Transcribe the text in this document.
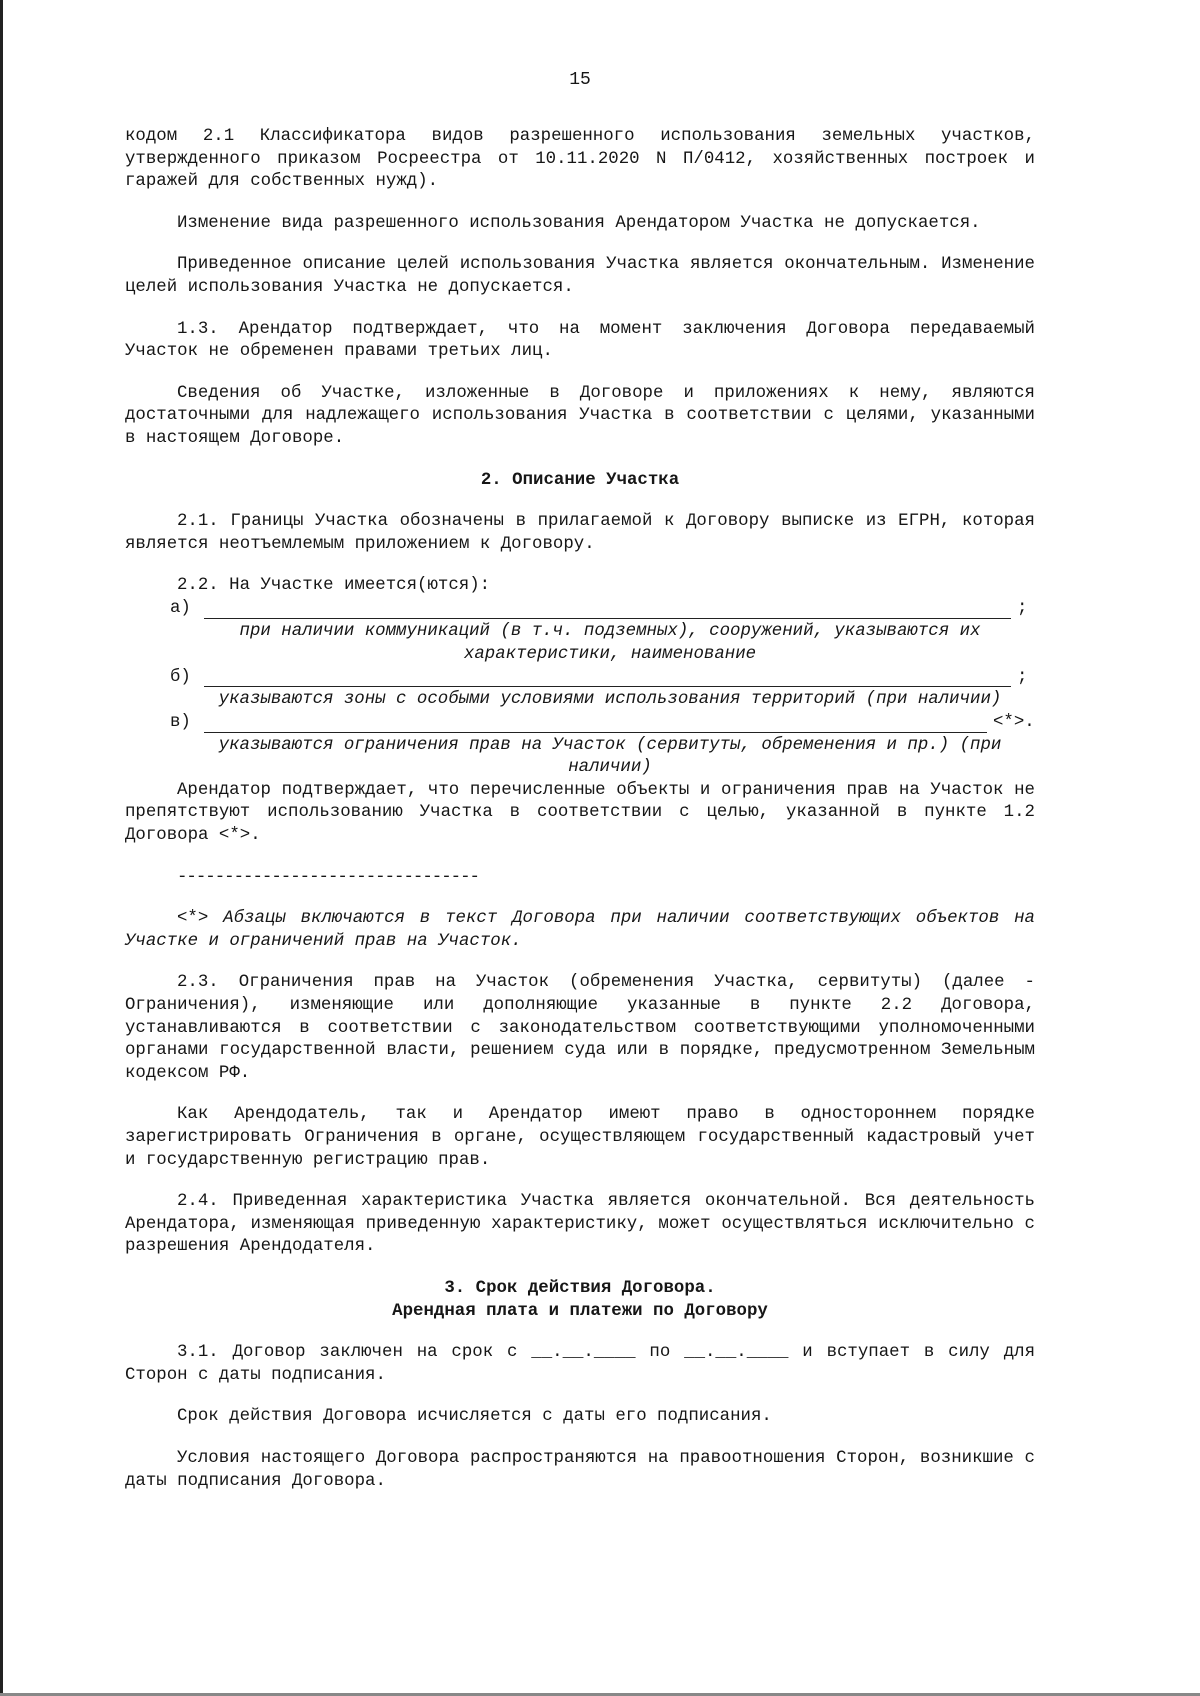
15

кодом 2.1 Классификатора видов разрешенного использования земельных участков, утвержденного приказом Росреестра от 10.11.2020 N П/0412, хозяйственных построек и гаражей для собственных нужд).

Изменение вида разрешенного использования Арендатором Участка не допускается.

Приведенное описание целей использования Участка является окончательным. Изменение целей использования Участка не допускается.

1.3. Арендатор подтверждает, что на момент заключения Договора передаваемый Участок не обременен правами третьих лиц.

Сведения об Участке, изложенные в Договоре и приложениях к нему, являются достаточными для надлежащего использования Участка в соответствии с целями, указанными в настоящем Договоре.

2. Описание Участка

2.1. Границы Участка обозначены в прилагаемой к Договору выписке из ЕГРН, которая является неотъемлемым приложением к Договору.

2.2. На Участке имеется(ются):

а)	;

при наличии коммуникаций (в т.ч. подземных), сооружений, указываются их характеристики, наименование

б)	;

указываются зоны с особыми условиями использования территорий (при наличии)

в)	<*>.

указываются ограничения прав на Участок (сервитуты, обременения и пр.) (при наличии)

Арендатор подтверждает, что перечисленные объекты и ограничения прав на Участок не препятствуют использованию Участка в соответствии с целью, указанной в пункте 1.2 Договора <*>.

--------------------------------

<*> Абзацы включаются в текст Договора при наличии соответствующих объектов на Участке и ограничений прав на Участок.

2.3. Ограничения прав на Участок (обременения Участка, сервитуты) (далее - Ограничения), изменяющие или дополняющие указанные в пункте 2.2 Договора, устанавливаются в соответствии с законодательством соответствующими уполномоченными органами государственной власти, решением суда или в порядке, предусмотренном Земельным кодексом РФ.

Как Арендодатель, так и Арендатор имеют право в одностороннем порядке зарегистрировать Ограничения в органе, осуществляющем государственный кадастровый учет и государственную регистрацию прав.

2.4. Приведенная характеристика Участка является окончательной. Вся деятельность Арендатора, изменяющая приведенную характеристику, может осуществляться исключительно с разрешения Арендодателя.

3. Срок действия Договора.

Арендная плата и платежи по Договору

3.1. Договор заключен на срок с __.__.____ по __.__.____ и вступает в силу для Сторон с даты подписания.

Срок действия Договора исчисляется с даты его подписания.

Условия настоящего Договора распространяются на правоотношения Сторон, возникшие с даты подписания Договора.
